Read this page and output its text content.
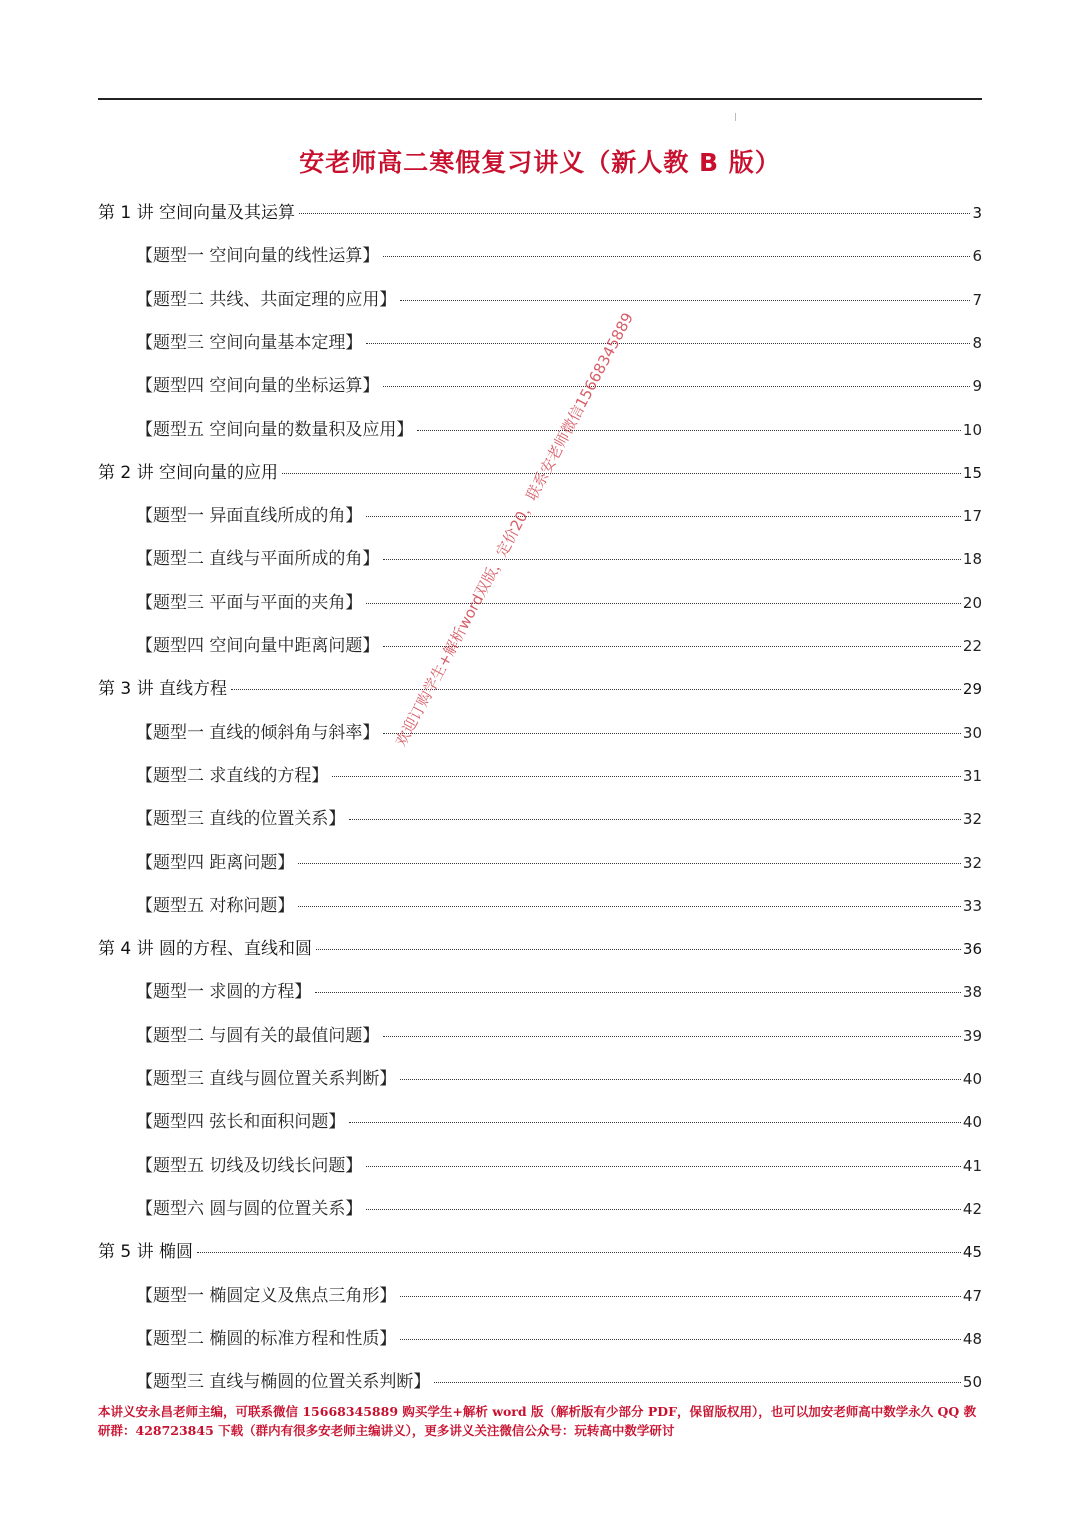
安老师高二寒假复习讲义（新人教 B 版）
第 1 讲 空间向量及其运算	3
【题型一 空间向量的线性运算】	6
【题型二 共线、共面定理的应用】	7
【题型三 空间向量基本定理】	8
【题型四 空间向量的坐标运算】	9
【题型五 空间向量的数量积及应用】	10
第 2 讲 空间向量的应用	15
【题型一 异面直线所成的角】	17
【题型二 直线与平面所成的角】	18
【题型三 平面与平面的夹角】	20
【题型四 空间向量中距离问题】	22
第 3 讲 直线方程	29
【题型一 直线的倾斜角与斜率】	30
【题型二 求直线的方程】	31
【题型三 直线的位置关系】	32
【题型四 距离问题】	32
【题型五 对称问题】	33
第 4 讲 圆的方程、直线和圆	36
【题型一 求圆的方程】	38
【题型二 与圆有关的最值问题】	39
【题型三 直线与圆位置关系判断】	40
【题型四 弦长和面积问题】	40
【题型五 切线及切线长问题】	41
【题型六 圆与圆的位置关系】	42
第 5 讲 椭圆	45
【题型一 椭圆定义及焦点三角形】	47
【题型二 椭圆的标准方程和性质】	48
【题型三 直线与椭圆的位置关系判断】	50
欢迎订购学生+解析word双版，定价20，联系安老师微信15668345889
本讲义安永昌老师主编，可联系微信 15668345889 购买学生+解析 word 版（解析版有少部分 PDF，保留版权用），也可以加安老师高中数学永久 QQ 教研群：428723845 下载（群内有很多安老师主编讲义），更多讲义关注微信公众号：玩转高中数学研讨
